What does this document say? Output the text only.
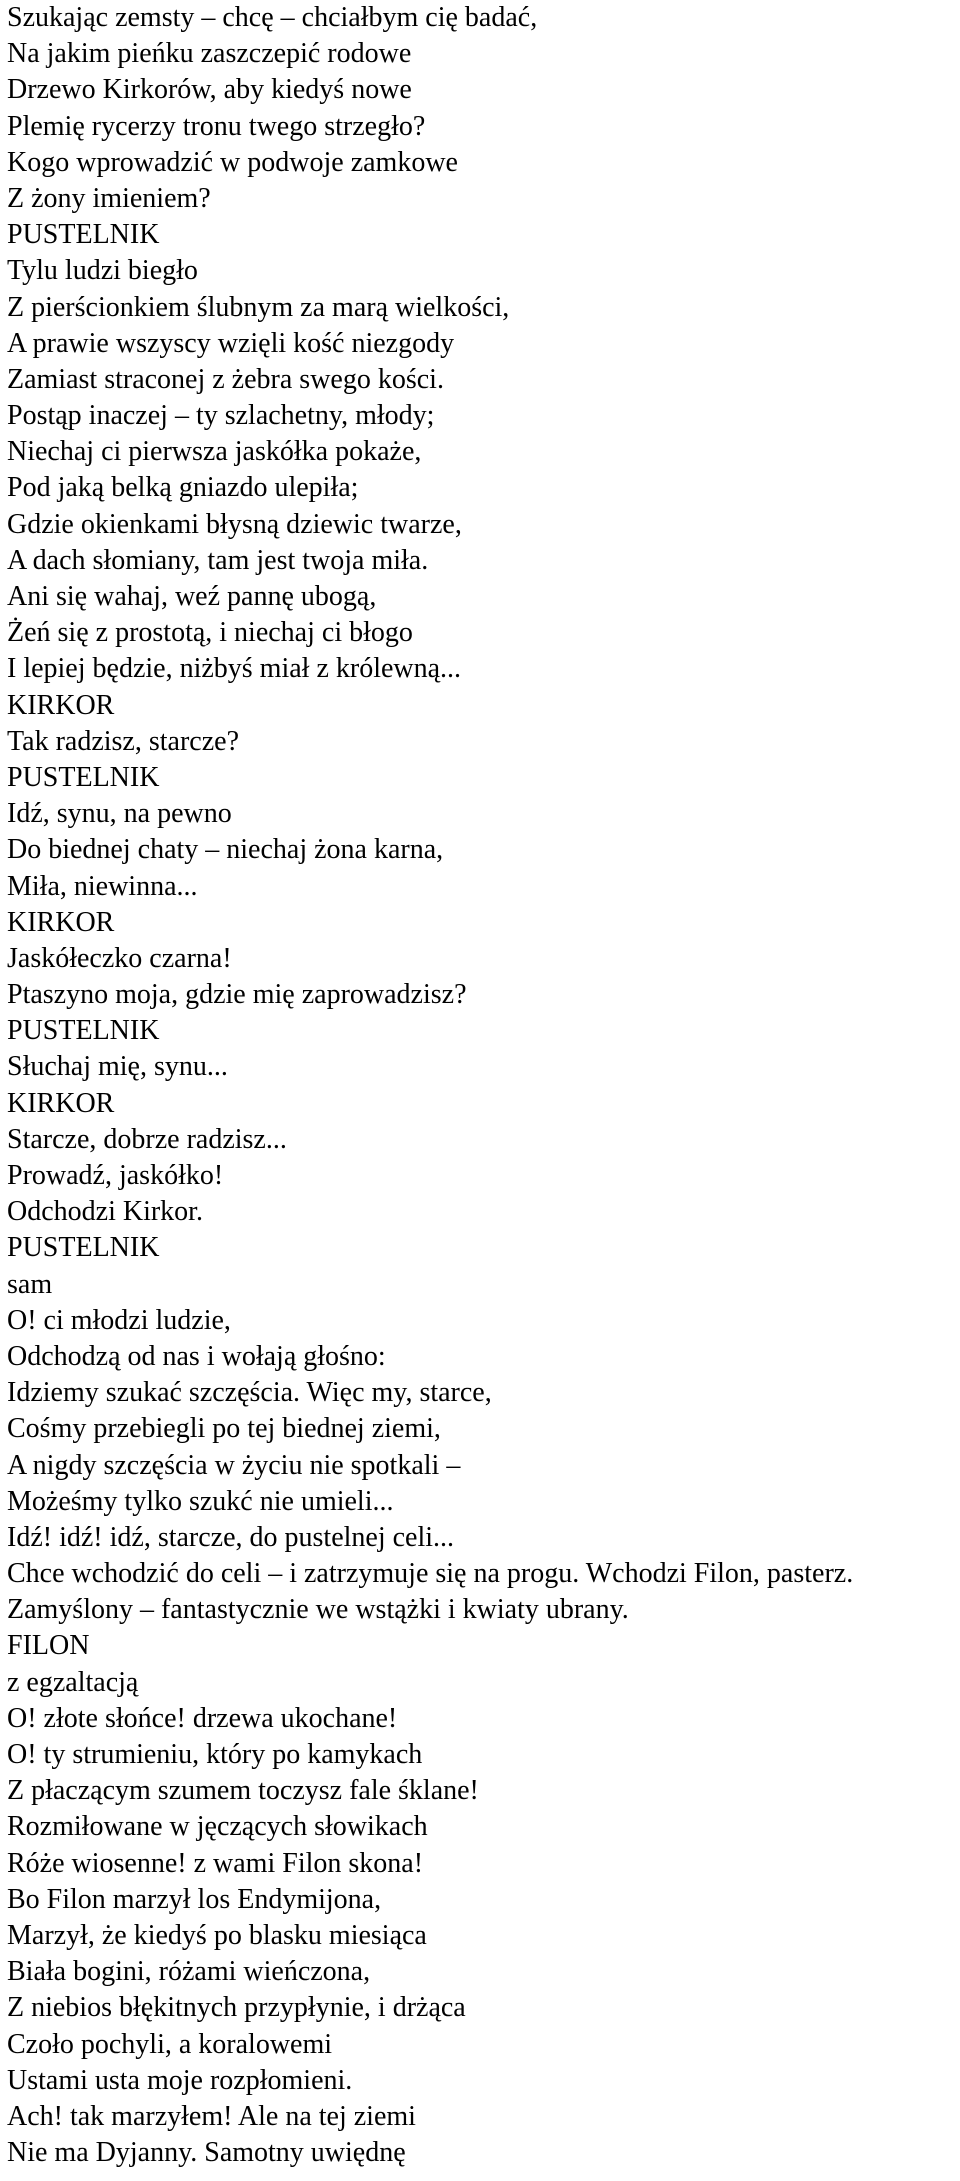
Szukając zemsty – chcę – chciałbym cię badać,
Na jakim pieńku zaszczepić rodowe
Drzewo Kirkorów, aby kiedyś nowe
Plemię rycerzy tronu twego strzegło?
Kogo wprowadzić w podwoje zamkowe
Z żony imieniem?
PUSTELNIK
Tylu ludzi biegło
Z pierścionkiem ślubnym za marą wielkości,
A prawie wszyscy wzięli kość niezgody
Zamiast straconej z żebra swego kości.
Postąp inaczej – ty szlachetny, młody;
Niechaj ci pierwsza jaskółka pokaże,
Pod jaką belką gniazdo ulepiła;
Gdzie okienkami błysną dziewic twarze,
A dach słomiany, tam jest twoja miła.
Ani się wahaj, weź pannę ubogą,
Żeń się z prostotą, i niechaj ci błogo
I lepiej będzie, niżbyś miał z królewną...
KIRKOR
Tak radzisz, starcze?
PUSTELNIK
Idź, synu, na pewno
Do biednej chaty – niechaj żona karna,
Miła, niewinna...
KIRKOR
Jaskółeczko czarna!
Ptaszyno moja, gdzie mię zaprowadzisz?
PUSTELNIK
Słuchaj mię, synu...
KIRKOR
Starcze, dobrze radzisz...
Prowadź, jaskółko!
Odchodzi Kirkor.
PUSTELNIK
sam
O! ci młodzi ludzie,
Odchodzą od nas i wołają głośno:
Idziemy szukać szczęścia. Więc my, starce,
Cośmy przebiegli po tej biednej ziemi,
A nigdy szczęścia w życiu nie spotkali –
Możeśmy tylko szukć nie umieli...
Idź! idź! idź, starcze, do pustelnej celi...
Chce wchodzić do celi – i zatrzymuje się na progu. Wchodzi Filon, pasterz.
Zamyślony – fantastycznie we wstążki i kwiaty ubrany.
FILON
z egzaltacją
O! złote słońce! drzewa ukochane!
O! ty strumieniu, który po kamykach
Z płaczącym szumem toczysz fale śklane!
Rozmiłowane w jęczących słowikach
Róże wiosenne! z wami Filon skona!
Bo Filon marzył los Endymijona,
Marzył, że kiedyś po blasku miesiąca
Biała bogini, różami wieńczona,
Z niebios błękitnych przypłynie, i drżąca
Czoło pochyli, a koralowemi
Ustami usta moje rozpłomieni.
Ach! tak marzyłem! Ale na tej ziemi
Nie ma Dyjanny. Samotny uwiędnę
